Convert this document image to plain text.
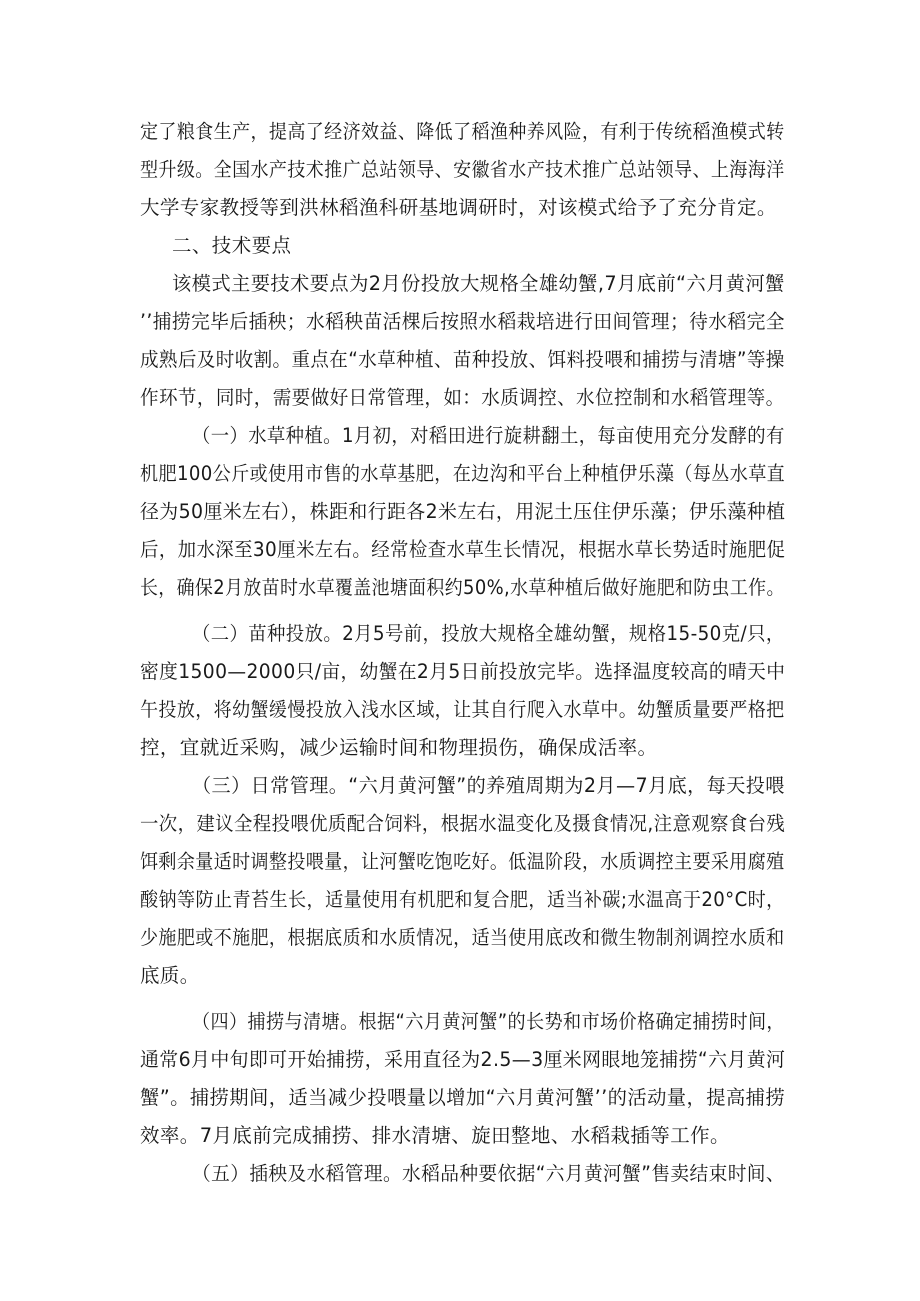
定了粮食生产，提高了经济效益、降低了稻渔种养风险，有利于传统稻渔模式转
型升级。全国水产技术推广总站领导、安徽省水产技术推广总站领导、上海海洋
大学专家教授等到洪林稻渔科研基地调研时，对该模式给予了充分肯定。
二、技术要点
该模式主要技术要点为2月份投放大规格全雄幼蟹,7月底前“六月黄河蟹
’’捕捞完毕后插秧；水稻秧苗活棵后按照水稻栽培进行田间管理；待水稻完全
成熟后及时收割。重点在“水草种植、苗种投放、饵料投喂和捕捞与清塘”等操
作环节，同时，需要做好日常管理，如：水质调控、水位控制和水稻管理等。
（一）水草种植。1月初，对稻田进行旋耕翻土，每亩使用充分发酵的有
机肥100公斤或使用市售的水草基肥，在边沟和平台上种植伊乐藻（每丛水草直
径为50厘米左右），株距和行距各2米左右，用泥土压住伊乐藻；伊乐藻种植
后，加水深至30厘米左右。经常检查水草生长情况，根据水草长势适时施肥促
长，确保2月放苗时水草覆盖池塘面积约50%,水草种植后做好施肥和防虫工作。
（二）苗种投放。2月5号前，投放大规格全雄幼蟹，规格15-50克/只，
密度1500—2000只/亩，幼蟹在2月5日前投放完毕。选择温度较高的晴天中
午投放，将幼蟹缓慢投放入浅水区域，让其自行爬入水草中。幼蟹质量要严格把
控，宜就近采购，减少运输时间和物理损伤，确保成活率。
（三）日常管理。“六月黄河蟹”的养殖周期为2月—7月底，每天投喂
一次，建议全程投喂优质配合饲料，根据水温变化及摄食情况,注意观察食台残
饵剩余量适时调整投喂量，让河蟹吃饱吃好。低温阶段，水质调控主要采用腐殖
酸钠等防止青苔生长，适量使用有机肥和复合肥，适当补碳;水温高于20°C时，
少施肥或不施肥，根据底质和水质情况，适当使用底改和微生物制剂调控水质和
底质。
（四）捕捞与清塘。根据“六月黄河蟹”的长势和市场价格确定捕捞时间，
通常6月中旬即可开始捕捞，采用直径为2.5—3厘米网眼地笼捕捞“六月黄河
蟹”。捕捞期间，适当减少投喂量以增加“六月黄河蟹’’的活动量，提高捕捞
效率。7月底前完成捕捞、排水清塘、旋田整地、水稻栽插等工作。
（五）插秧及水稻管理。水稻品种要依据“六月黄河蟹”售卖结束时间、
